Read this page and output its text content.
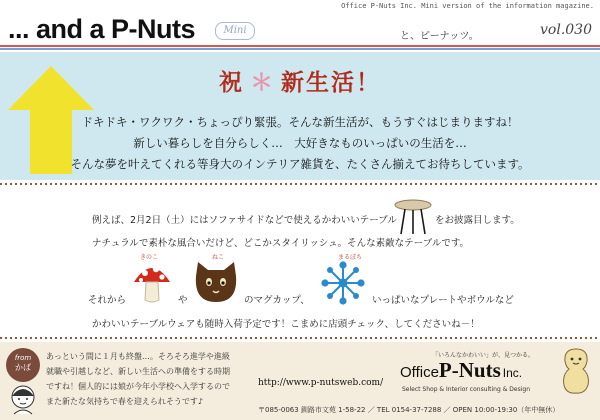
Office P-Nuts Inc. Mini version of the information magazine.
... and a P-Nuts	Mini
と、ピーナッツ。	vol.030
祝 ＊ 新生活！
ドキドキ・ワクワク・ちょっぴり緊張。そんな新生活が、もうすぐはじまりますね！
新しい暮らしを自分らしく…　大好きなものいっぱいの生活を…
そんな夢を叶えてくれる等身大のインテリア雑貨を、たくさん揃えてお待ちしています。
例えば、2月2日（土）にはソファサイドなどで使えるかわいいテーブル	をお披露目します。
ナチュラルで素朴な風合いだけど、どこかスタイリッシュ。そんな素敵なテーブルです。
きのこ	ねこ	まるぽち
それから	や	のマグカップ、	いっぱいなプレートやボウルなど
かわいいテーブルウェアも随時入荷予定です！こまめに店頭チェック、してくださいね－！
from
かば
あっという間に１月も終盤…。そろそろ進学や進級
就職や引越しなど、新しい生活への準備をする時期
ですね！個人的には娘が今年小学校へ入学するので
また新たな気持ちで春を迎えられそうです♪
http://www.p-nutsweb.com/
「いろんなかわいい」が、見つかる。
OfficeP-Nuts Inc.
Select Shop & Interior consulting & Design
〒085-0063 釧路市文苑 1-58-22 ／ TEL 0154-37-7288 ／ OPEN 10:00-19:30（年中無休）
